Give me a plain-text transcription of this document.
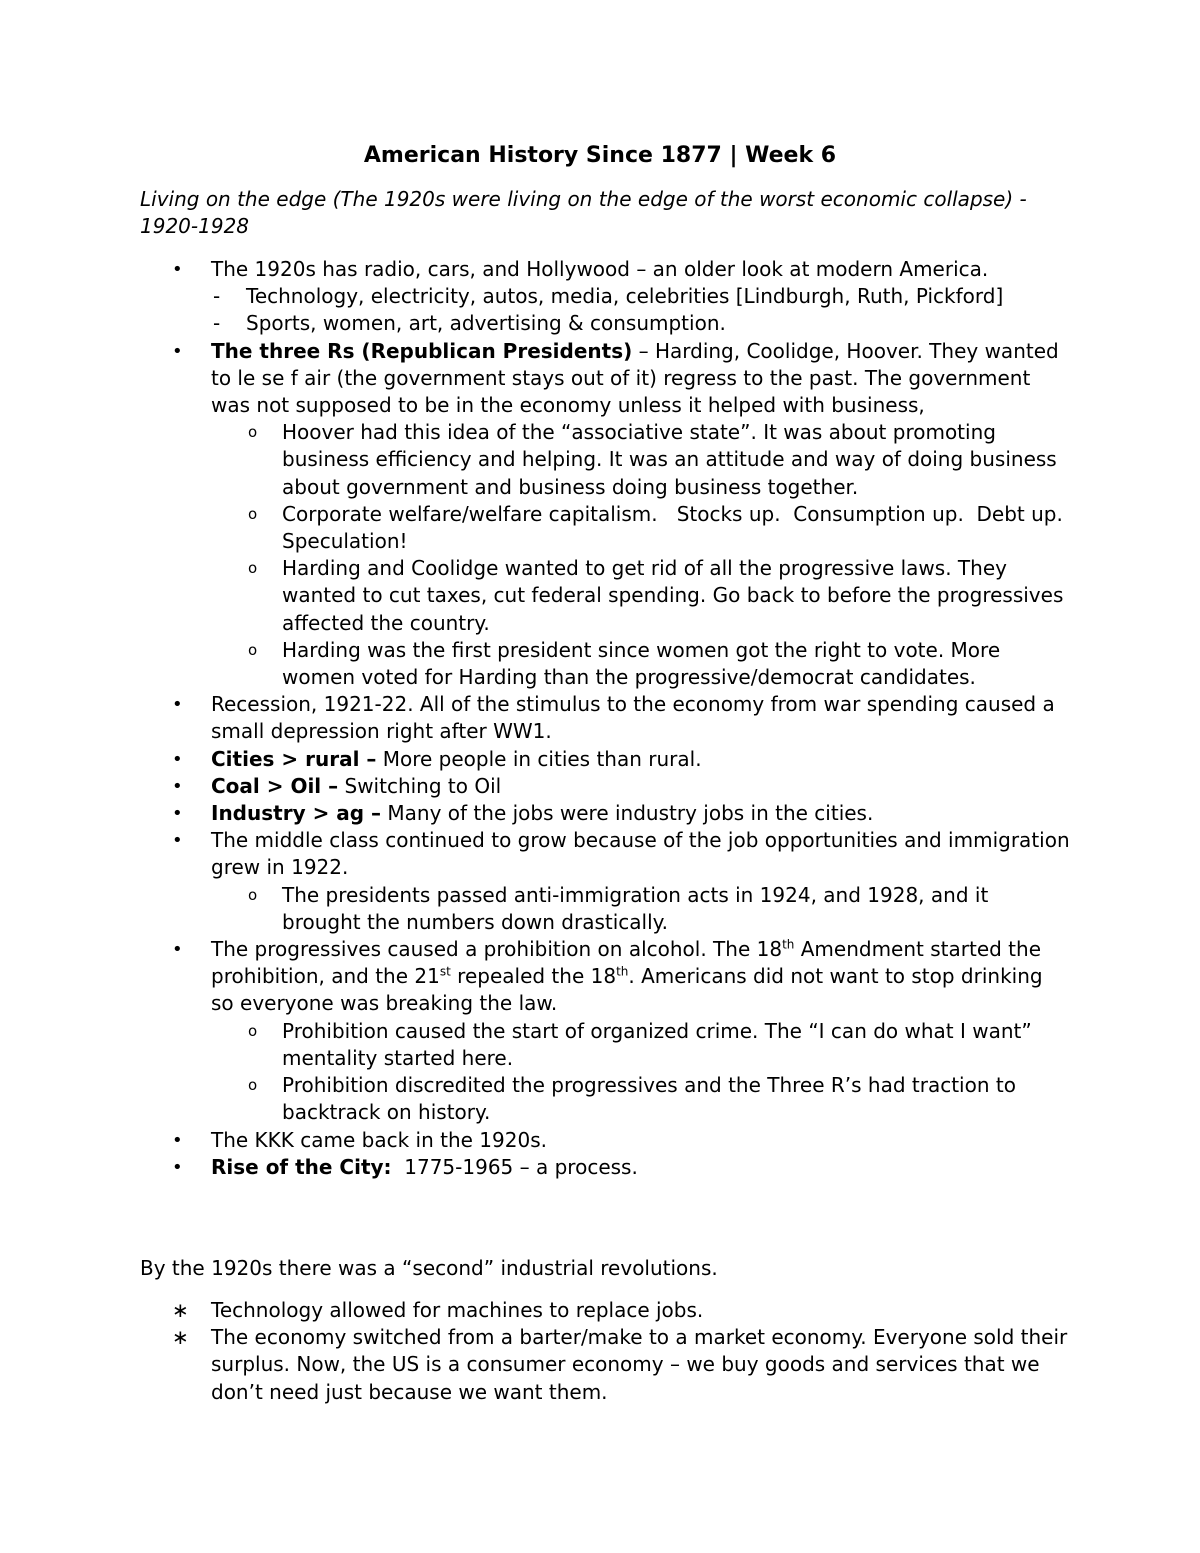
American History Since 1877 | Week 6

Living on the edge (The 1920s were living on the edge of the worst economic collapse) - 1920-1928

• The 1920s has radio, cars, and Hollywood – an older look at modern America.
- Technology, electricity, autos, media, celebrities [Lindburgh, Ruth, Pickford]
- Sports, women, art, advertising & consumption.
• The three Rs (Republican Presidents) – Harding, Coolidge, Hoover. They wanted to le se f air (the government stays out of it) regress to the past. The government was not supposed to be in the economy unless it helped with business,
o Hoover had this idea of the “associative state”. It was about promoting business efficiency and helping. It was an attitude and way of doing business about government and business doing business together.
o Corporate welfare/welfare capitalism.   Stocks up.  Consumption up.  Debt up.  Speculation!
o Harding and Coolidge wanted to get rid of all the progressive laws. They wanted to cut taxes, cut federal spending. Go back to before the progressives affected the country.
o Harding was the first president since women got the right to vote. More women voted for Harding than the progressive/democrat candidates.
• Recession, 1921-22. All of the stimulus to the economy from war spending caused a small depression right after WW1.
• Cities > rural – More people in cities than rural.
• Coal > Oil – Switching to Oil
• Industry > ag – Many of the jobs were industry jobs in the cities.
• The middle class continued to grow because of the job opportunities and immigration grew in 1922.
o The presidents passed anti-immigration acts in 1924, and 1928, and it brought the numbers down drastically.
• The progressives caused a prohibition on alcohol. The 18th Amendment started the prohibition, and the 21st repealed the 18th. Americans did not want to stop drinking so everyone was breaking the law.
o Prohibition caused the start of organized crime. The “I can do what I want” mentality started here.
o Prohibition discredited the progressives and the Three R’s had traction to backtrack on history.
• The KKK came back in the 1920s.
• Rise of the City:  1775-1965 – a process.

By the 1920s there was a “second” industrial revolutions.

∗ Technology allowed for machines to replace jobs.
∗ The economy switched from a barter/make to a market economy. Everyone sold their surplus. Now, the US is a consumer economy – we buy goods and services that we don’t need just because we want them.
